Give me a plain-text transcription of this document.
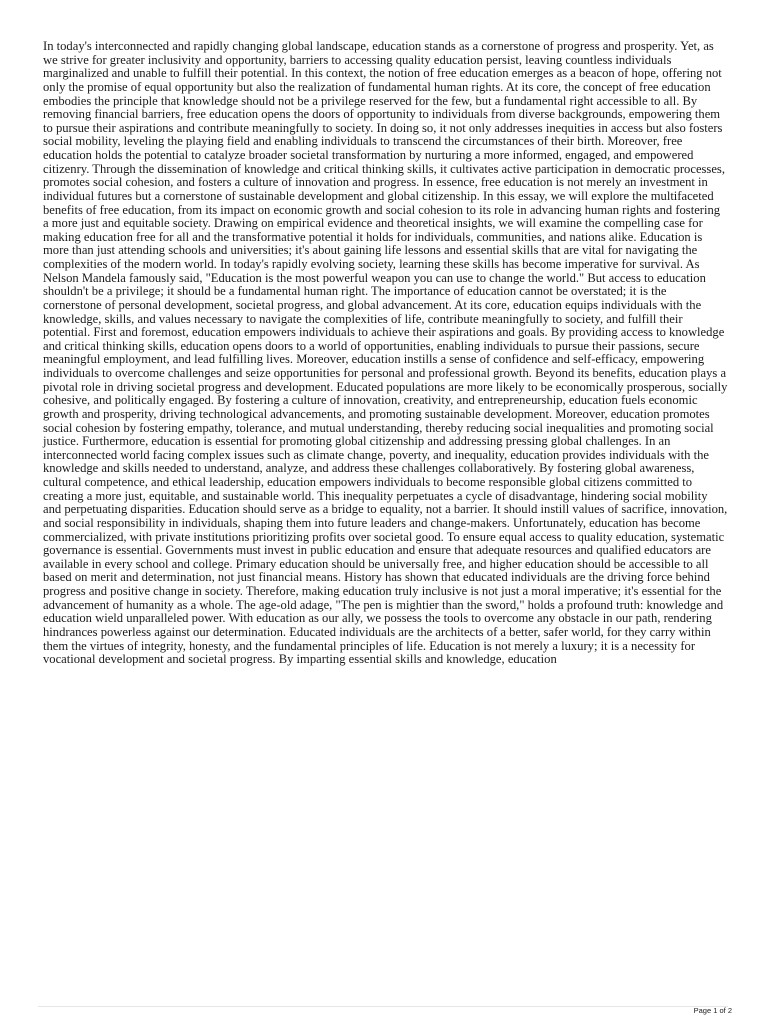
In today's interconnected and rapidly changing global landscape, education stands as a cornerstone of progress and prosperity. Yet, as we strive for greater inclusivity and opportunity, barriers to accessing quality education persist, leaving countless individuals marginalized and unable to fulfill their potential. In this context, the notion of free education emerges as a beacon of hope, offering not only the promise of equal opportunity but also the realization of fundamental human rights. At its core, the concept of free education embodies the principle that knowledge should not be a privilege reserved for the few, but a fundamental right accessible to all. By removing financial barriers, free education opens the doors of opportunity to individuals from diverse backgrounds, empowering them to pursue their aspirations and contribute meaningfully to society. In doing so, it not only addresses inequities in access but also fosters social mobility, leveling the playing field and enabling individuals to transcend the circumstances of their birth. Moreover, free education holds the potential to catalyze broader societal transformation by nurturing a more informed, engaged, and empowered citizenry. Through the dissemination of knowledge and critical thinking skills, it cultivates active participation in democratic processes, promotes social cohesion, and fosters a culture of innovation and progress. In essence, free education is not merely an investment in individual futures but a cornerstone of sustainable development and global citizenship. In this essay, we will explore the multifaceted benefits of free education, from its impact on economic growth and social cohesion to its role in advancing human rights and fostering a more just and equitable society. Drawing on empirical evidence and theoretical insights, we will examine the compelling case for making education free for all and the transformative potential it holds for individuals, communities, and nations alike. Education is more than just attending schools and universities; it's about gaining life lessons and essential skills that are vital for navigating the complexities of the modern world. In today's rapidly evolving society, learning these skills has become imperative for survival. As Nelson Mandela famously said, "Education is the most powerful weapon you can use to change the world." But access to education shouldn't be a privilege; it should be a fundamental human right. The importance of education cannot be overstated; it is the cornerstone of personal development, societal progress, and global advancement. At its core, education equips individuals with the knowledge, skills, and values necessary to navigate the complexities of life, contribute meaningfully to society, and fulfill their potential. First and foremost, education empowers individuals to achieve their aspirations and goals. By providing access to knowledge and critical thinking skills, education opens doors to a world of opportunities, enabling individuals to pursue their passions, secure meaningful employment, and lead fulfilling lives. Moreover, education instills a sense of confidence and self-efficacy, empowering individuals to overcome challenges and seize opportunities for personal and professional growth. Beyond its benefits, education plays a pivotal role in driving societal progress and development. Educated populations are more likely to be economically prosperous, socially cohesive, and politically engaged. By fostering a culture of innovation, creativity, and entrepreneurship, education fuels economic growth and prosperity, driving technological advancements, and promoting sustainable development. Moreover, education promotes social cohesion by fostering empathy, tolerance, and mutual understanding, thereby reducing social inequalities and promoting social justice. Furthermore, education is essential for promoting global citizenship and addressing pressing global challenges. In an interconnected world facing complex issues such as climate change, poverty, and inequality, education provides individuals with the knowledge and skills needed to understand, analyze, and address these challenges collaboratively. By fostering global awareness, cultural competence, and ethical leadership, education empowers individuals to become responsible global citizens committed to creating a more just, equitable, and sustainable world. This inequality perpetuates a cycle of disadvantage, hindering social mobility and perpetuating disparities. Education should serve as a bridge to equality, not a barrier. It should instill values of sacrifice, innovation, and social responsibility in individuals, shaping them into future leaders and change-makers. Unfortunately, education has become commercialized, with private institutions prioritizing profits over societal good. To ensure equal access to quality education, systematic governance is essential. Governments must invest in public education and ensure that adequate resources and qualified educators are available in every school and college. Primary education should be universally free, and higher education should be accessible to all based on merit and determination, not just financial means. History has shown that educated individuals are the driving force behind progress and positive change in society. Therefore, making education truly inclusive is not just a moral imperative; it's essential for the advancement of humanity as a whole. The age-old adage, "The pen is mightier than the sword," holds a profound truth: knowledge and education wield unparalleled power. With education as our ally, we possess the tools to overcome any obstacle in our path, rendering hindrances powerless against our determination. Educated individuals are the architects of a better, safer world, for they carry within them the virtues of integrity, honesty, and the fundamental principles of life. Education is not merely a luxury; it is a necessity for vocational development and societal progress. By imparting essential skills and knowledge, education

Page 1 of 2
